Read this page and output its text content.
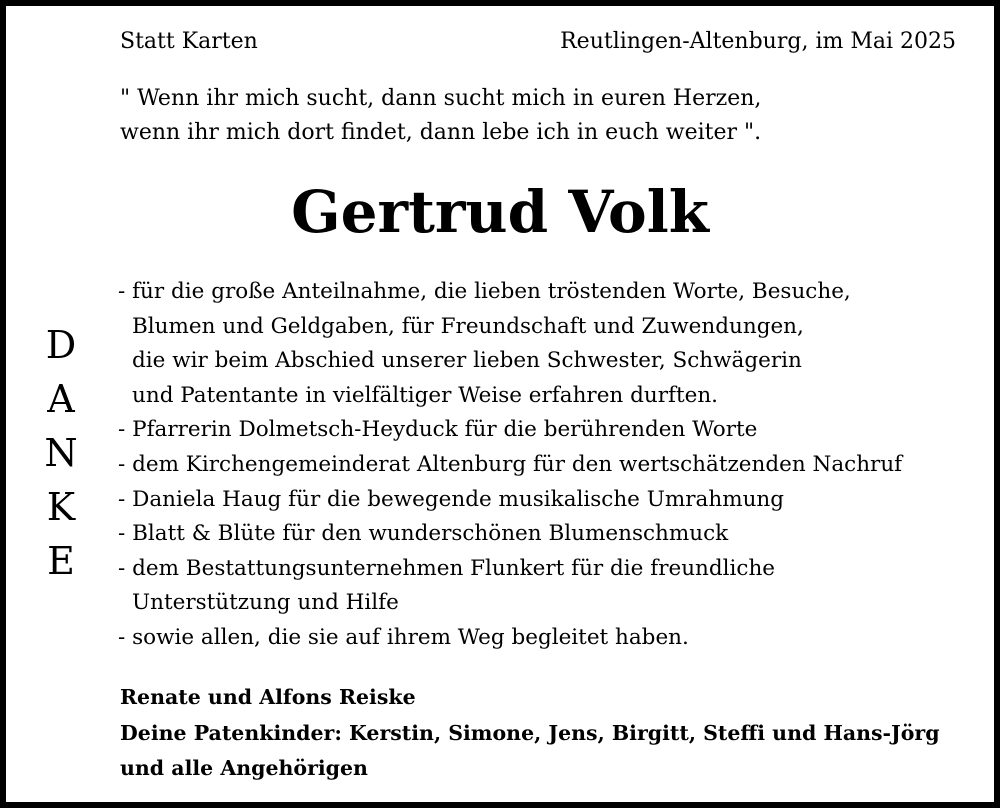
Statt Karten	Reutlingen-Altenburg, im Mai 2025
" Wenn ihr mich sucht, dann sucht mich in euren Herzen,
wenn ihr mich dort findet, dann lebe ich in euch weiter ".
Gertrud Volk
D
A
N
K
E
- für die große Anteilnahme, die lieben tröstenden Worte, Besuche,
Blumen und Geldgaben, für Freundschaft und Zuwendungen,
die wir beim Abschied unserer lieben Schwester, Schwägerin
und Patentante in vielfältiger Weise erfahren durften.
- Pfarrerin Dolmetsch-Heyduck für die berührenden Worte
- dem Kirchengemeinderat Altenburg für den wertschätzenden Nachruf
- Daniela Haug für die bewegende musikalische Umrahmung
- Blatt & Blüte für den wunderschönen Blumenschmuck
- dem Bestattungsunternehmen Flunkert für die freundliche
Unterstützung und Hilfe
- sowie allen, die sie auf ihrem Weg begleitet haben.
Renate und Alfons Reiske
Deine Patenkinder: Kerstin, Simone, Jens, Birgitt, Steffi und Hans-Jörg
und alle Angehörigen
